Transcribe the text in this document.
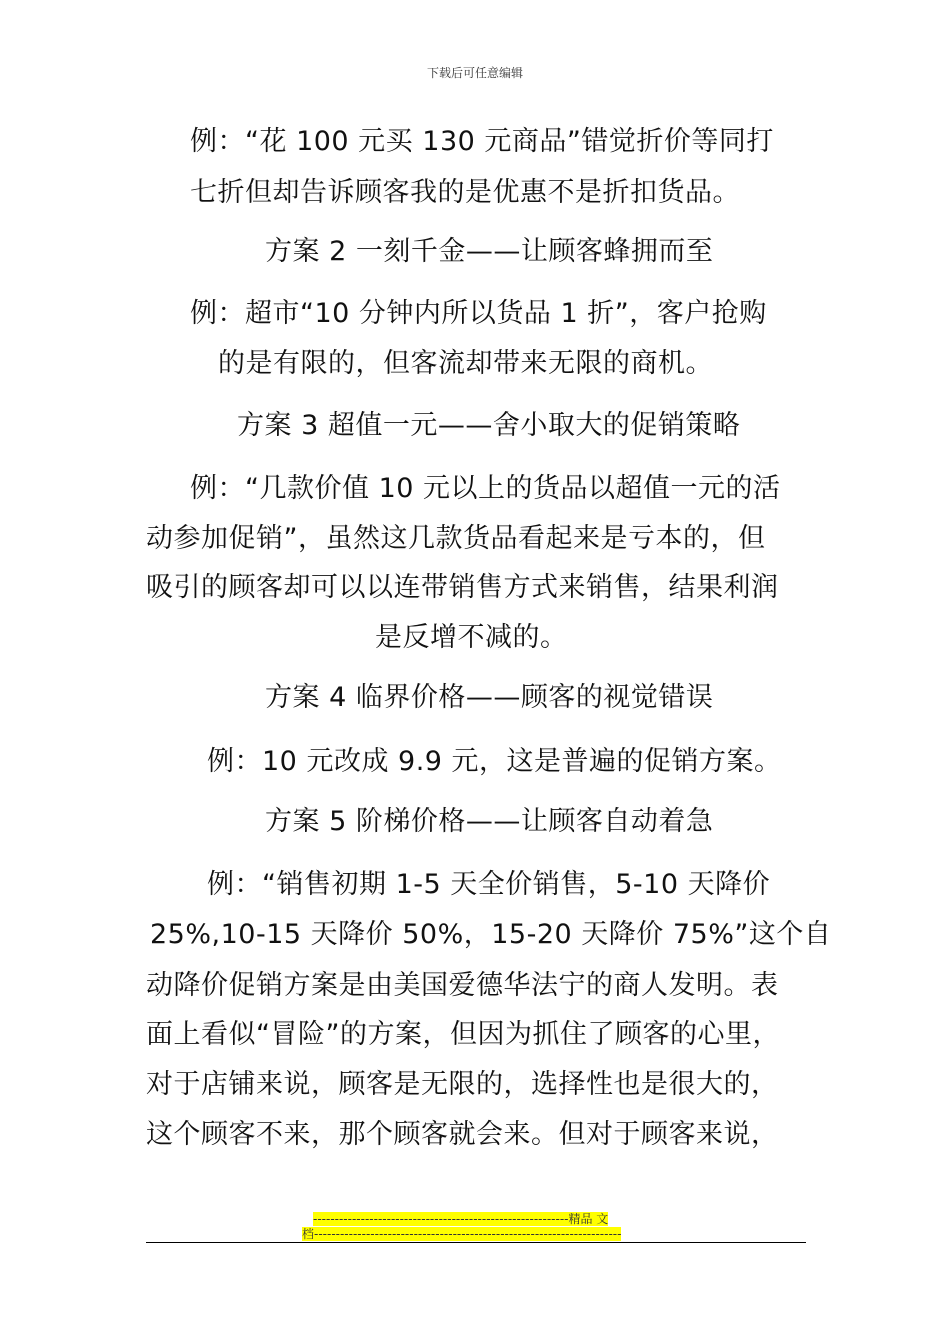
下载后可任意编辑
例：“花 100 元买 130 元商品”错觉折价等同打
七折但却告诉顾客我的是优惠不是折扣货品。
方案 2 一刻千金——让顾客蜂拥而至
例：超市“10 分钟内所以货品 1 折”，客户抢购
的是有限的，但客流却带来无限的商机。
方案 3 超值一元——舍小取大的促销策略
例：“几款价值 10 元以上的货品以超值一元的活
动参加促销”，虽然这几款货品看起来是亏本的，但
吸引的顾客却可以以连带销售方式来销售，结果利润
是反增不减的。
方案 4 临界价格——顾客的视觉错误
例：10 元改成 9.9 元，这是普遍的促销方案。
方案 5 阶梯价格——让顾客自动着急
例：“销售初期 1-5 天全价销售，5-10 天降价
25%,10-15 天降价 50%，15-20 天降价 75%”这个自
动降价促销方案是由美国爱德华法宁的商人发明。表
面上看似“冒险”的方案，但因为抓住了顾客的心里，
对于店铺来说，顾客是无限的，选择性也是很大的，
这个顾客不来，那个顾客就会来。但对于顾客来说，
-----------------------------------------------------------精品 文
档-----------------------------------------------------------------------
